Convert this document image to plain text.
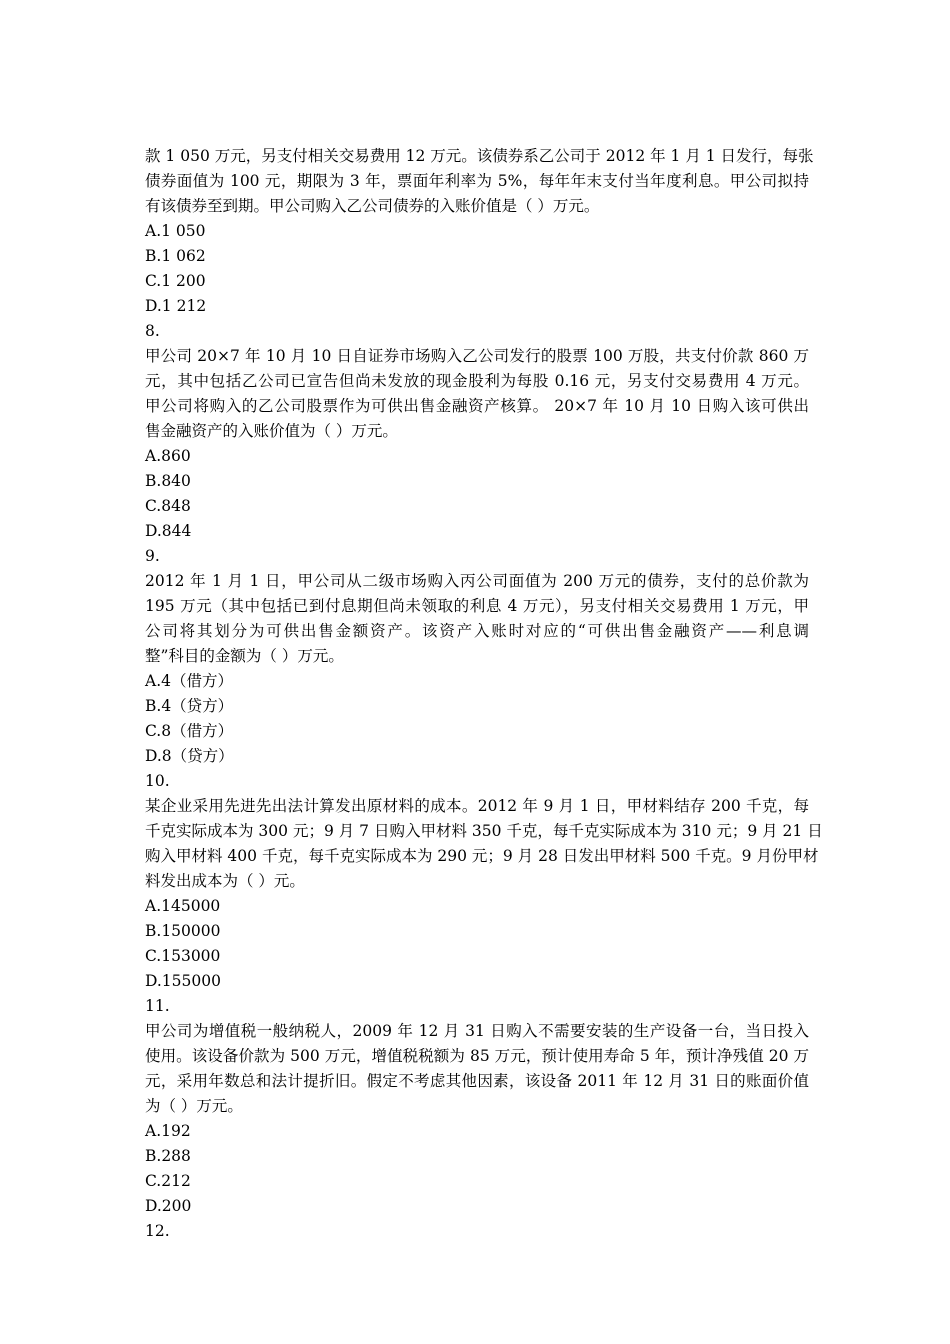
款 1 050 万元，另支付相关交易费用 12 万元。该债券系乙公司于 2012 年 1 月 1 日发行，每张
债券面值为 100 元，期限为 3 年，票面年利率为 5%，每年年末支付当年度利息。甲公司拟持
有该债券至到期。甲公司购入乙公司债券的入账价值是（ ）万元。
A.1 050
B.1 062
C.1 200
D.1 212
8.
甲公司 20×7 年 10 月 10 日自证券市场购入乙公司发行的股票 100 万股，共支付价款 860 万
元，其中包括乙公司已宣告但尚未发放的现金股利为每股 0.16 元，另支付交易费用 4 万元。
甲公司将购入的乙公司股票作为可供出售金融资产核算。 20×7 年 10 月 10 日购入该可供出
售金融资产的入账价值为（ ）万元。
A.860
B.840
C.848
D.844
9.
2012 年 1 月 1 日，甲公司从二级市场购入丙公司面值为 200 万元的债券，支付的总价款为
195 万元（其中包括已到付息期但尚未领取的利息 4 万元），另支付相关交易费用 1 万元，甲
公司将其划分为可供出售金额资产。该资产入账时对应的“可供出售金融资产——利息调
整”科目的金额为（ ）万元。
A.4（借方）
B.4（贷方）
C.8（借方）
D.8（贷方）
10.
某企业采用先进先出法计算发出原材料的成本。2012 年 9 月 1 日，甲材料结存 200 千克，每
千克实际成本为 300 元；9 月 7 日购入甲材料 350 千克，每千克实际成本为 310 元；9 月 21 日
购入甲材料 400 千克，每千克实际成本为 290 元；9 月 28 日发出甲材料 500 千克。9 月份甲材
料发出成本为（ ）元。
A.145000
B.150000
C.153000
D.155000
11.
甲公司为增值税一般纳税人，2009 年 12 月 31 日购入不需要安装的生产设备一台，当日投入
使用。该设备价款为 500 万元，增值税税额为 85 万元，预计使用寿命 5 年，预计净残值 20 万
元，采用年数总和法计提折旧。假定不考虑其他因素，该设备 2011 年 12 月 31 日的账面价值
为（ ）万元。
A.192
B.288
C.212
D.200
12.
